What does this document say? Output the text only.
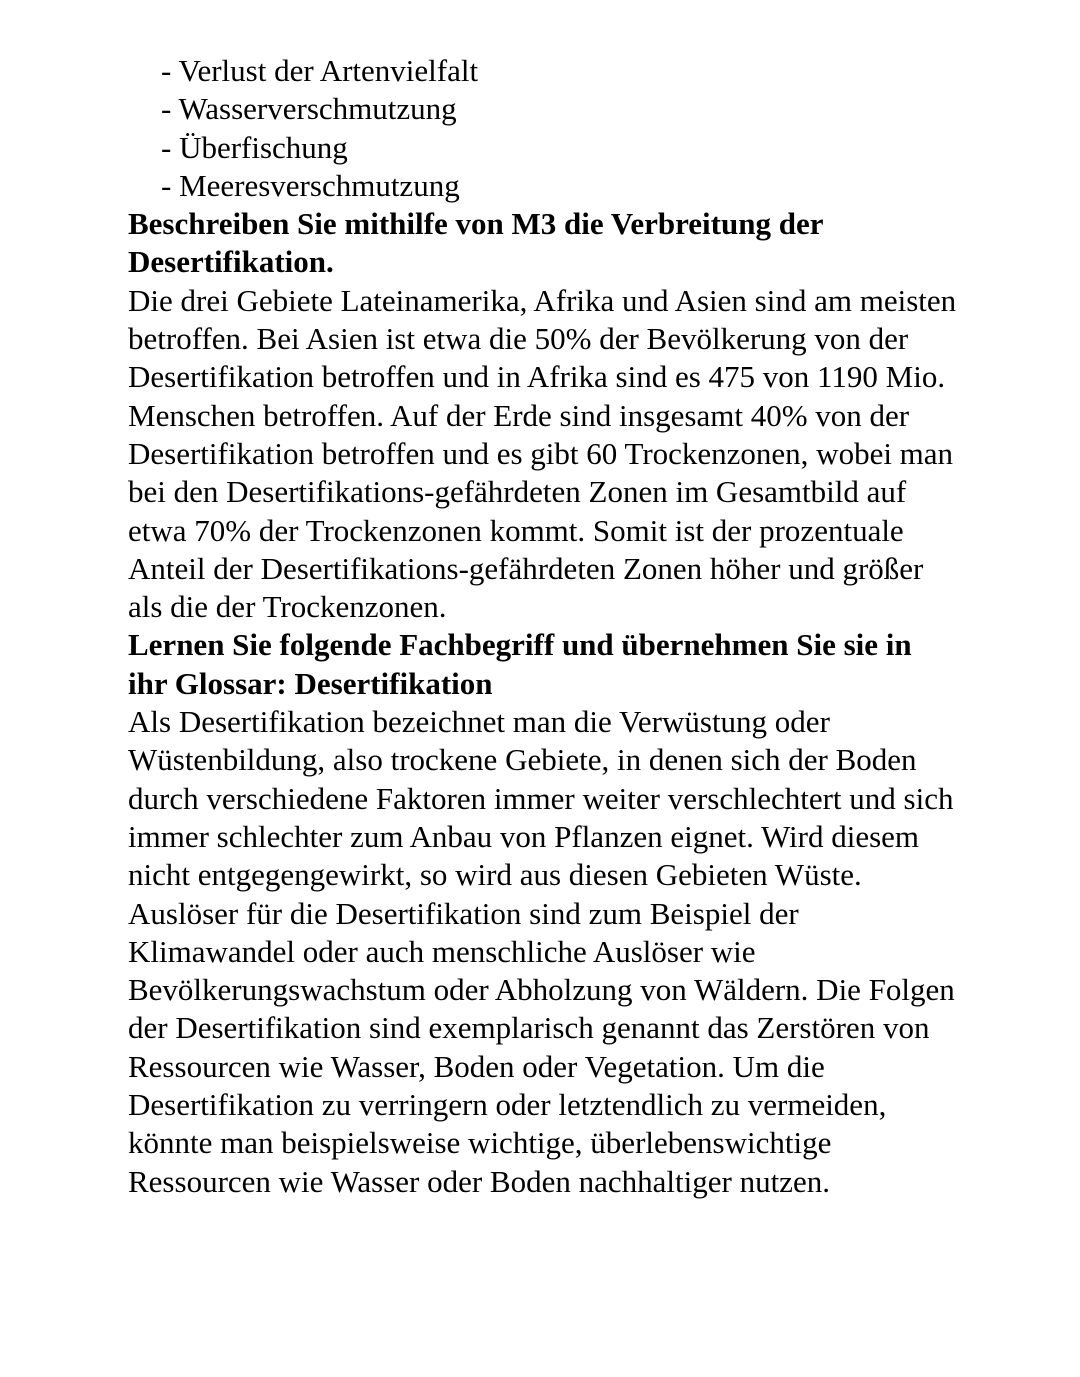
- Verlust der Artenvielfalt
- Wasserverschmutzung
- Überfischung
- Meeresverschmutzung

Beschreiben Sie mithilfe von M3 die Verbreitung der Desertifikation.

Die drei Gebiete Lateinamerika, Afrika und Asien sind am meisten betroffen. Bei Asien ist etwa die 50% der Bevölkerung von der Desertifikation betroffen und in Afrika sind es 475 von 1190 Mio. Menschen betroffen. Auf der Erde sind insgesamt 40% von der Desertifikation betroffen und es gibt 60 Trockenzonen, wobei man bei den Desertifikations-gefährdeten Zonen im Gesamtbild auf etwa 70% der Trockenzonen kommt. Somit ist der prozentuale Anteil der Desertifikations-gefährdeten Zonen höher und größer als die der Trockenzonen.

Lernen Sie folgende Fachbegriff und übernehmen Sie sie in ihr Glossar: Desertifikation

Als Desertifikation bezeichnet man die Verwüstung oder Wüstenbildung, also trockene Gebiete, in denen sich der Boden durch verschiedene Faktoren immer weiter verschlechtert und sich immer schlechter zum Anbau von Pflanzen eignet. Wird diesem nicht entgegengewirkt, so wird aus diesen Gebieten Wüste. Auslöser für die Desertifikation sind zum Beispiel der Klimawandel oder auch menschliche Auslöser wie Bevölkerungswachstum oder Abholzung von Wäldern. Die Folgen der Desertifikation sind exemplarisch genannt das Zerstören von Ressourcen wie Wasser, Boden oder Vegetation. Um die Desertifikation zu verringern oder letztendlich zu vermeiden, könnte man beispielsweise wichtige, überlebenswichtige Ressourcen wie Wasser oder Boden nachhaltiger nutzen.
